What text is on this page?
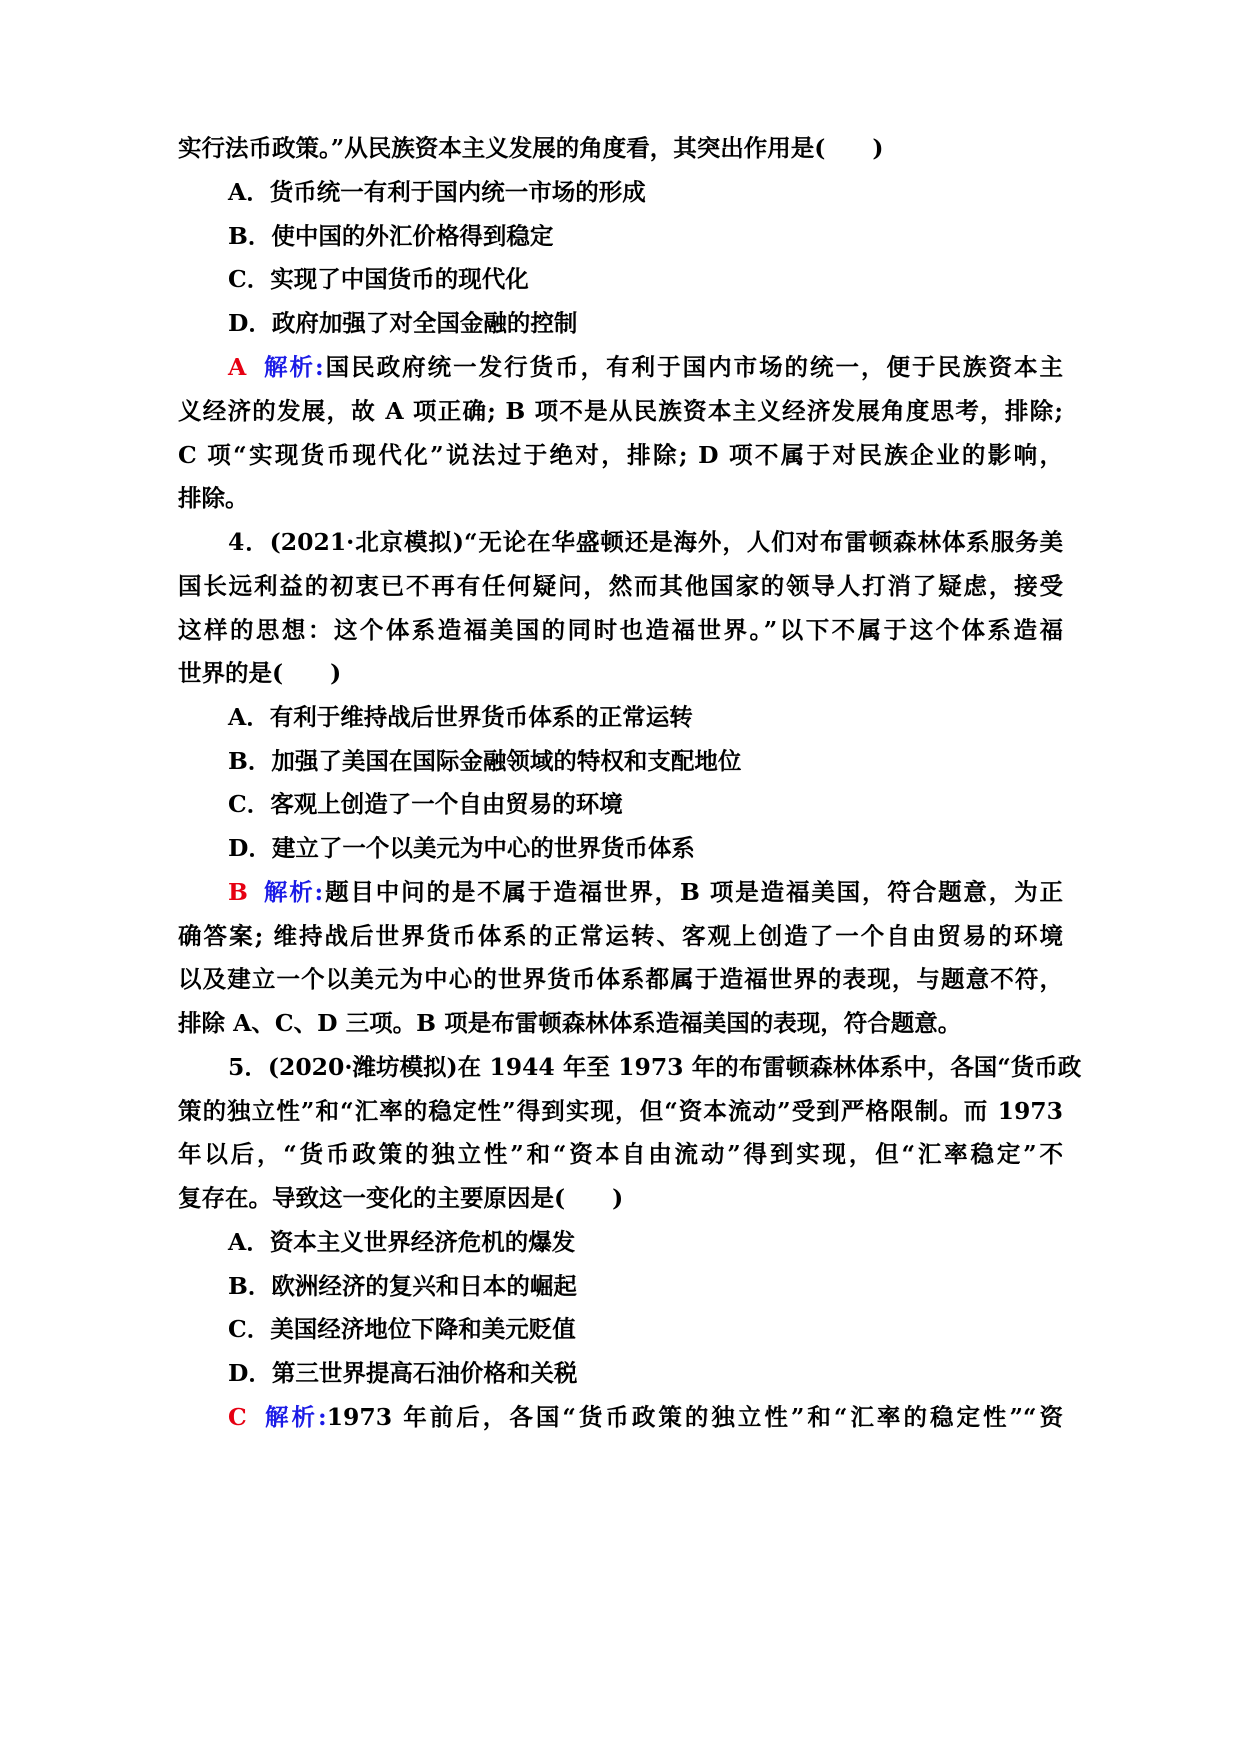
实行法币政策。”从民族资本主义发展的角度看，其突出作用是(　　)
A．货币统一有利于国内统一市场的形成
B．使中国的外汇价格得到稳定
C．实现了中国货币的现代化
D．政府加强了对全国金融的控制
A 解析:国民政府统一发行货币，有利于国内市场的统一，便于民族资本主
义经济的发展，故 A 项正确; B 项不是从民族资本主义经济发展角度思考，排除;
C 项“实现货币现代化”说法过于绝对，排除; D 项不属于对民族企业的影响，
排除。
4．(2021·北京模拟)“无论在华盛顿还是海外，人们对布雷顿森林体系服务美
国长远利益的初衷已不再有任何疑问，然而其他国家的领导人打消了疑虑，接受
这样的思想：这个体系造福美国的同时也造福世界。”以下不属于这个体系造福
世界的是(　　)
A．有利于维持战后世界货币体系的正常运转
B．加强了美国在国际金融领域的特权和支配地位
C．客观上创造了一个自由贸易的环境
D．建立了一个以美元为中心的世界货币体系
B 解析:题目中问的是不属于造福世界，B 项是造福美国，符合题意，为正
确答案; 维持战后世界货币体系的正常运转、客观上创造了一个自由贸易的环境
以及建立一个以美元为中心的世界货币体系都属于造福世界的表现，与题意不符，
排除 A、C、D 三项。B 项是布雷顿森林体系造福美国的表现，符合题意。
5．(2020·潍坊模拟)在 1944 年至 1973 年的布雷顿森林体系中，各国“货币政
策的独立性”和“汇率的稳定性”得到实现，但“资本流动”受到严格限制。而 1973
年以后，“货币政策的独立性”和“资本自由流动”得到实现，但“汇率稳定”不
复存在。导致这一变化的主要原因是(　　)
A．资本主义世界经济危机的爆发
B．欧洲经济的复兴和日本的崛起
C．美国经济地位下降和美元贬值
D．第三世界提高石油价格和关税
C 解析:1973 年前后，各国“货币政策的独立性”和“汇率的稳定性”“资
